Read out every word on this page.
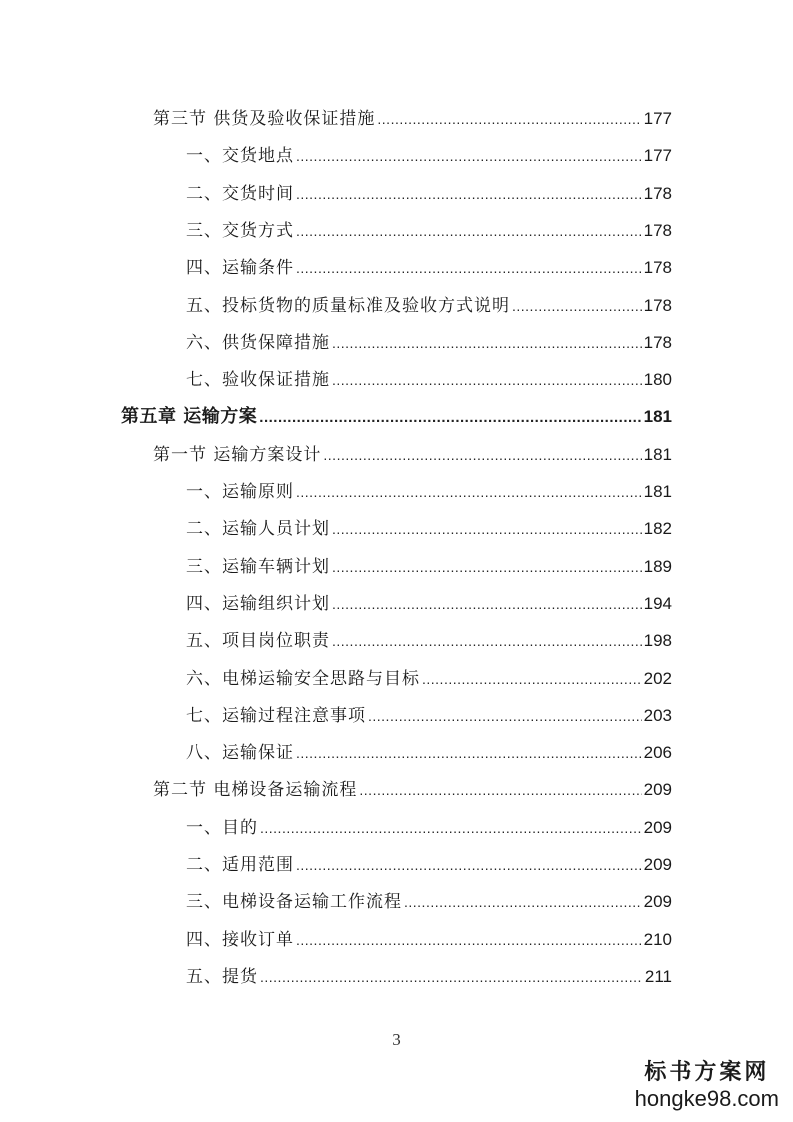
第三节 供货及验收保证措施 .....	177
一、交货地点 .....	177
二、交货时间 .....	178
三、交货方式 .....	178
四、运输条件 .....	178
五、投标货物的质量标准及验收方式说明 .....	178
六、供货保障措施 .....	178
七、验收保证措施 .....	180
第五章 运输方案 .....	181
第一节 运输方案设计 .....	181
一、运输原则 .....	181
二、运输人员计划 .....	182
三、运输车辆计划 .....	189
四、运输组织计划 .....	194
五、项目岗位职责 .....	198
六、电梯运输安全思路与目标 .....	202
七、运输过程注意事项 .....	203
八、运输保证 .....	206
第二节 电梯设备运输流程 .....	209
一、目的 .....	209
二、适用范围 .....	209
三、电梯设备运输工作流程 .....	209
四、接收订单 .....	210
五、提货 .....	211
3
标书方案网
hongke98.com
